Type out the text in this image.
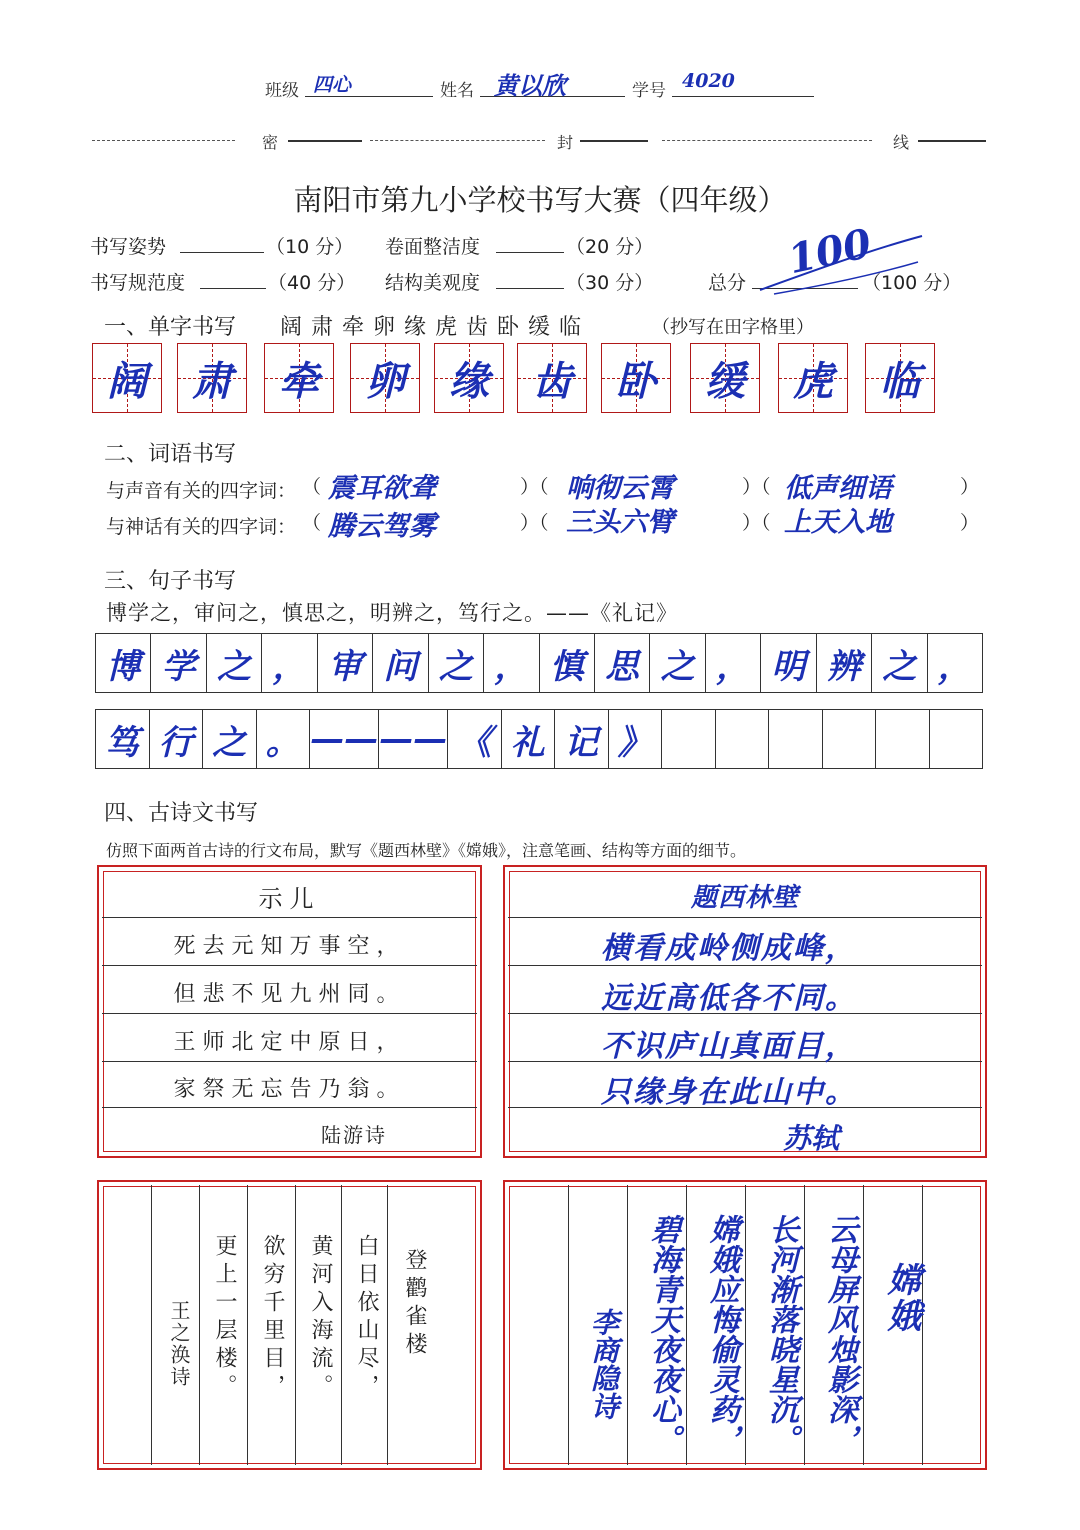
班级 四心	姓名 黄以欣	学号 4020
密	封	线
南阳市第九小学校书写大赛（四年级）
书写姿势	（10 分） 卷面整洁度	（20 分）
书写规范度	（40 分） 结构美观度	（30 分）	总分	（100 分）
100
一、单字书写 阔 肃 牵 卵 缘 虎 齿 卧 缓 临	（抄写在田字格里）
阔	肃	牵	卵	缘	齿	卧	缓	虎	临
二、词语书写
与声音有关的四字词： （ 震耳欲聋	）（ 响彻云霄	）（ 低声细语	）
与神话有关的四字词： （ 腾云驾雾	）（ 三头六臂	）（ 上天入地	）
三、句子书写
博学之，审问之，慎思之，明辨之，笃行之。——《礼记》
博 学 之 ， 审 问 之 ， 慎 思 之 ， 明 辨 之 ，
笃 行 之 。 —— —— 《 礼 记 》
四、古诗文书写
仿照下面两首古诗的行文布局，默写《题西林壁》《嫦娥》，注意笔画、结构等方面的细节。
示儿
死去元知万事空，
但悲不见九州同。
王师北定中原日，
家祭无忘告乃翁。
陆游诗
题西林壁
横看成岭侧成峰，
远近高低各不同。
不识庐山真面目，
只缘身在此山中。
苏轼
登鹳雀楼
白日依山尽，
黄河入海流。
欲穷千里目，
更上一层楼。
王之涣诗
嫦娥
云母屏风烛影深，
长河渐落晓星沉。
嫦娥应悔偷灵药，
碧海青天夜夜心。
李商隐诗
